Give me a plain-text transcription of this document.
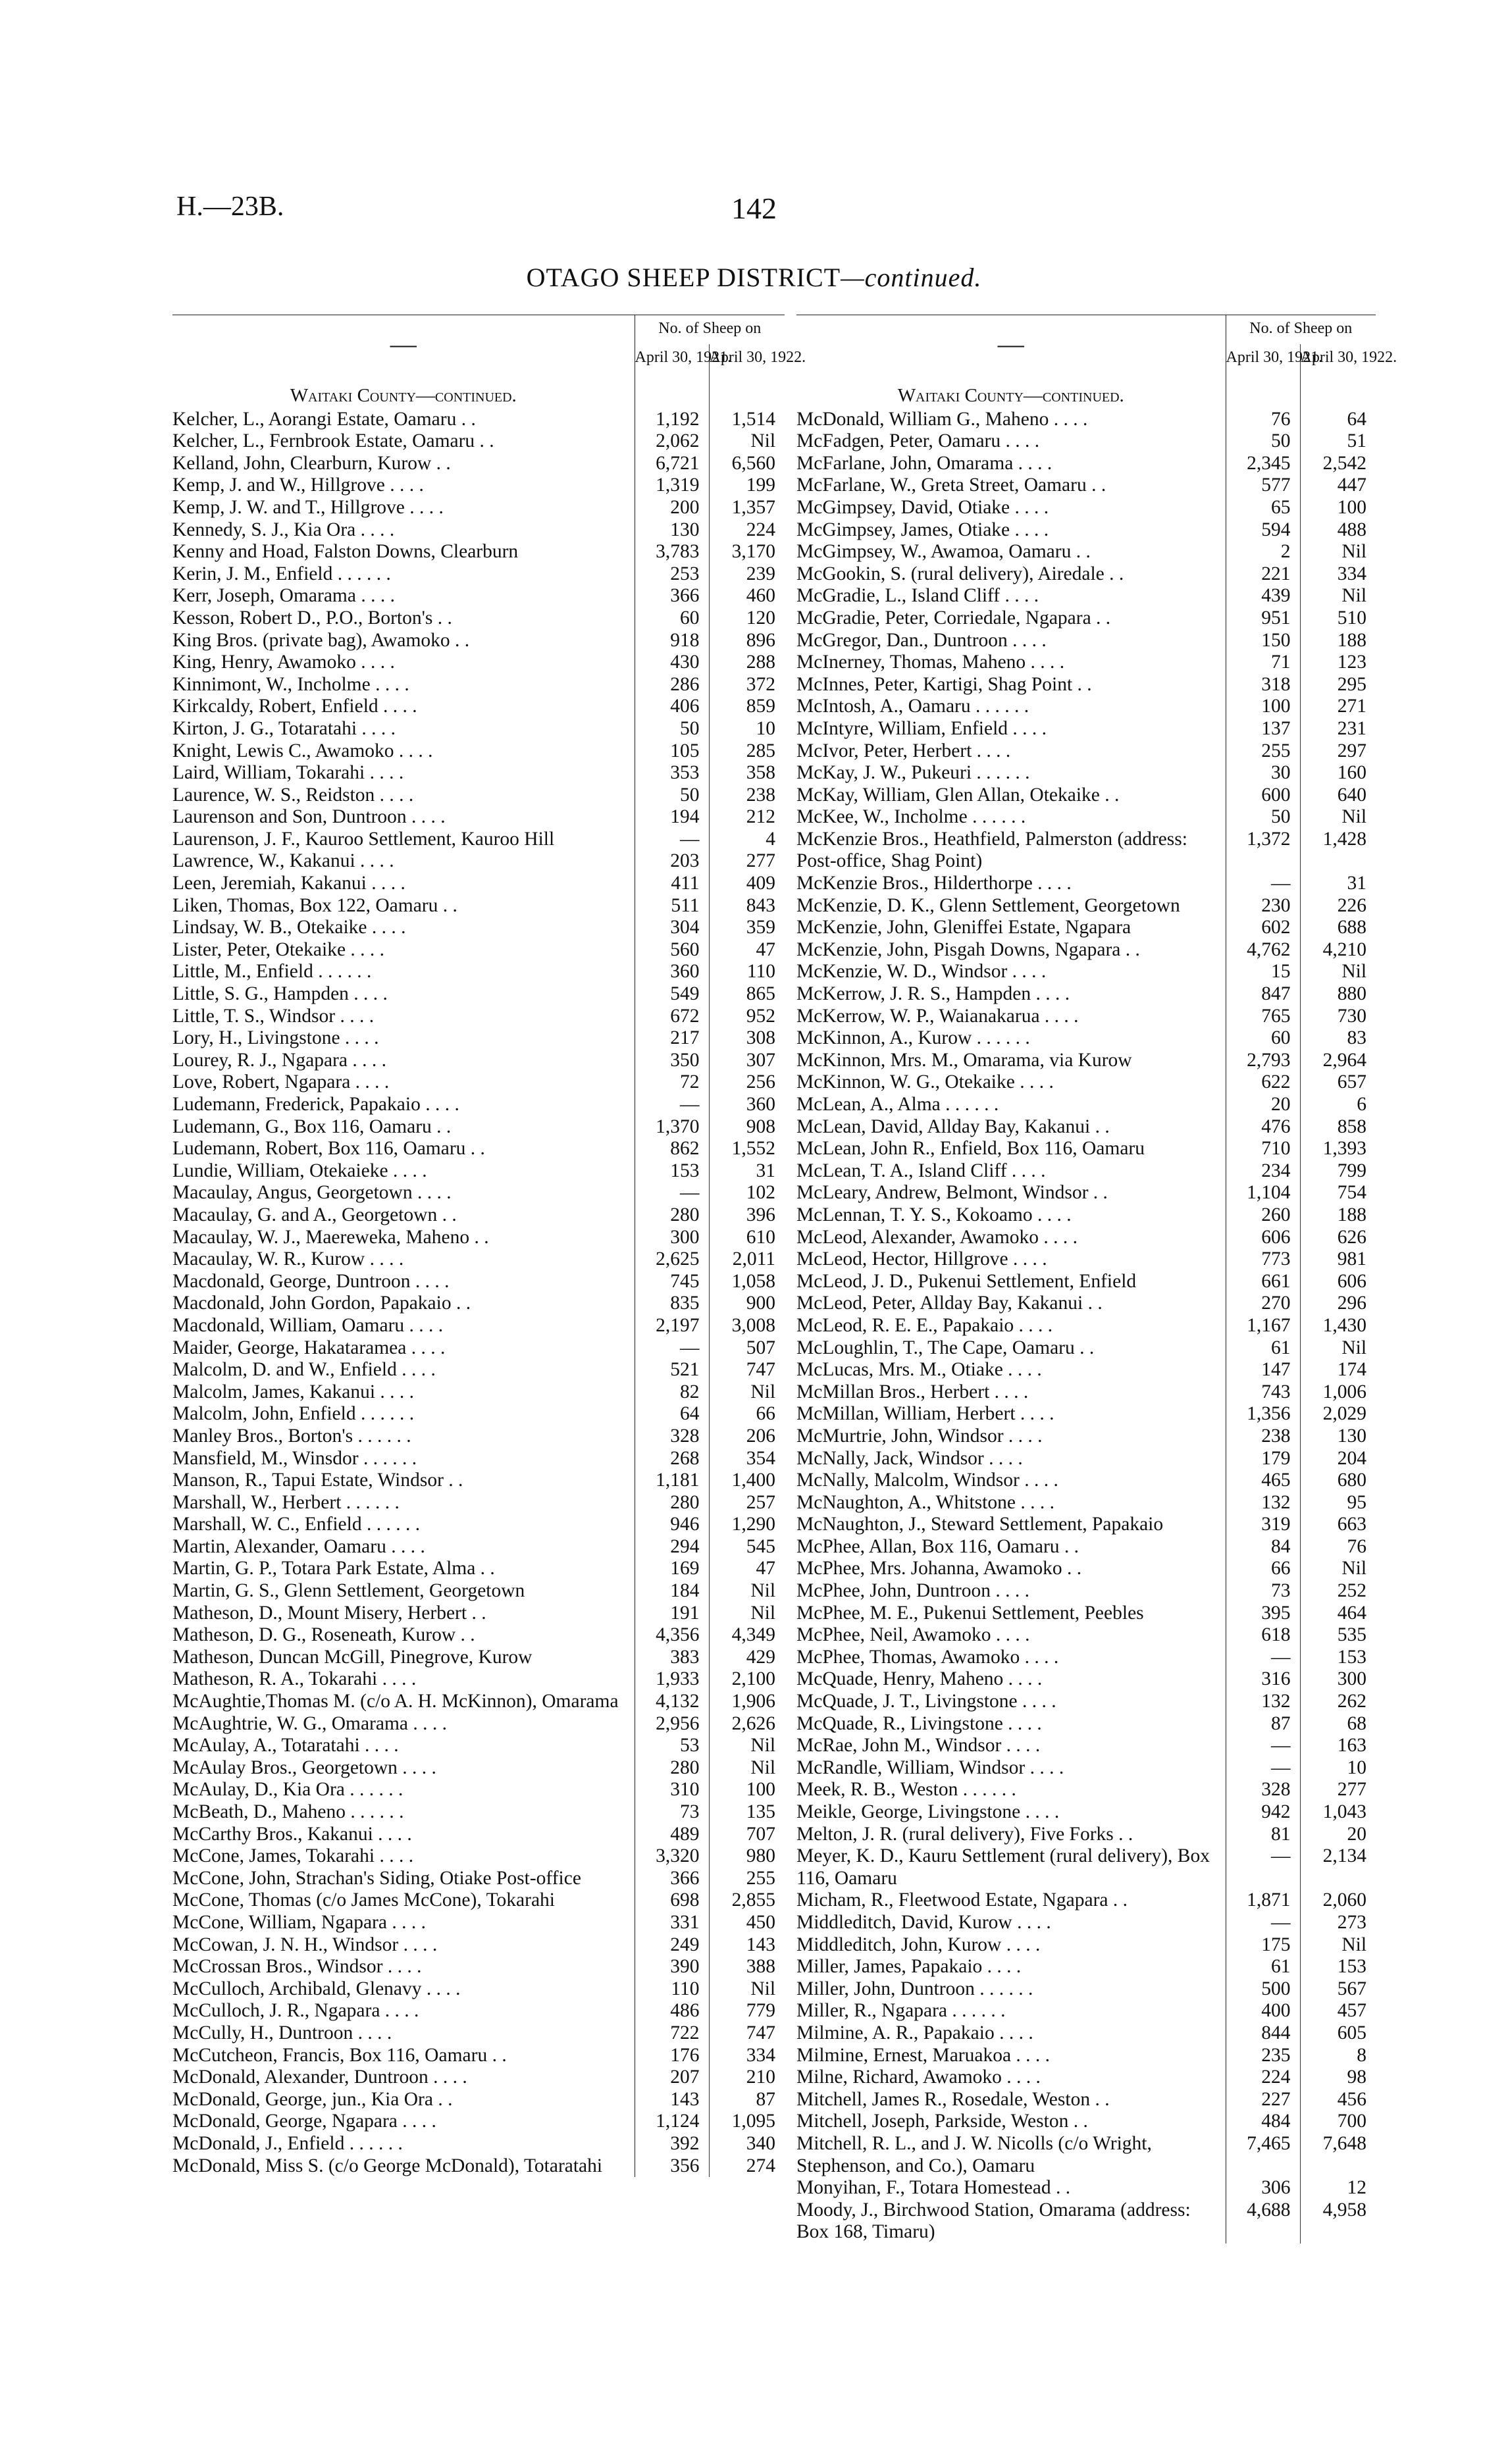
H.—23B.	142
OTAGO SHEEP DISTRICT—continued.
—	No. of Sheep on	
	April 30, 1921.	April 30, 1922.
Waitaki County—continued.		
Kelcher, L., Aorangi Estate, Oamaru . .	1,192	1,514
Kelcher, L., Fernbrook Estate, Oamaru . .	2,062	Nil
Kelland, John, Clearburn, Kurow . .	6,721	6,560
Kemp, J. and W., Hillgrove . . . .	1,319	199
Kemp, J. W. and T., Hillgrove . . . .	200	1,357
Kennedy, S. J., Kia Ora . . . .	130	224
Kenny and Hoad, Falston Downs, Clearburn	3,783	3,170
Kerin, J. M., Enfield . . . . . .	253	239
Kerr, Joseph, Omarama . . . .	366	460
Kesson, Robert D., P.O., Borton's . .	60	120
King Bros. (private bag), Awamoko . .	918	896
King, Henry, Awamoko . . . .	430	288
Kinnimont, W., Incholme . . . .	286	372
Kirkcaldy, Robert, Enfield . . . .	406	859
Kirton, J. G., Totaratahi . . . .	50	10
Knight, Lewis C., Awamoko . . . .	105	285
Laird, William, Tokarahi . . . .	353	358
Laurence, W. S., Reidston . . . .	50	238
Laurenson and Son, Duntroon . . . .	194	212
Laurenson, J. F., Kauroo Settlement, Kauroo Hill	—	4
Lawrence, W., Kakanui . . . .	203	277
Leen, Jeremiah, Kakanui . . . .	411	409
Liken, Thomas, Box 122, Oamaru . .	511	843
Lindsay, W. B., Otekaike . . . .	304	359
Lister, Peter, Otekaike . . . .	560	47
Little, M., Enfield . . . . . .	360	110
Little, S. G., Hampden . . . .	549	865
Little, T. S., Windsor . . . .	672	952
Lory, H., Livingstone . . . .	217	308
Lourey, R. J., Ngapara . . . .	350	307
Love, Robert, Ngapara . . . .	72	256
Ludemann, Frederick, Papakaio . . . .	—	360
Ludemann, G., Box 116, Oamaru . .	1,370	908
Ludemann, Robert, Box 116, Oamaru . .	862	1,552
Lundie, William, Otekaieke . . . .	153	31
Macaulay, Angus, Georgetown . . . .	—	102
Macaulay, G. and A., Georgetown . .	280	396
Macaulay, W. J., Maereweka, Maheno . .	300	610
Macaulay, W. R., Kurow . . . .	2,625	2,011
Macdonald, George, Duntroon . . . .	745	1,058
Macdonald, John Gordon, Papakaio . .	835	900
Macdonald, William, Oamaru . . . .	2,197	3,008
Maider, George, Hakataramea . . . .	—	507
Malcolm, D. and W., Enfield . . . .	521	747
Malcolm, James, Kakanui . . . .	82	Nil
Malcolm, John, Enfield . . . . . .	64	66
Manley Bros., Borton's . . . . . .	328	206
Mansfield, M., Winsdor . . . . . .	268	354
Manson, R., Tapui Estate, Windsor . .	1,181	1,400
Marshall, W., Herbert . . . . . .	280	257
Marshall, W. C., Enfield . . . . . .	946	1,290
Martin, Alexander, Oamaru . . . .	294	545
Martin, G. P., Totara Park Estate, Alma . .	169	47
Martin, G. S., Glenn Settlement, Georgetown	184	Nil
Matheson, D., Mount Misery, Herbert . .	191	Nil
Matheson, D. G., Roseneath, Kurow . .	4,356	4,349
Matheson, Duncan McGill, Pinegrove, Kurow	383	429
Matheson, R. A., Tokarahi . . . .	1,933	2,100
McAughtie,Thomas M. (c/o A. H. McKinnon), Omarama	4,132	1,906
McAughtrie, W. G., Omarama . . . .	2,956	2,626
McAulay, A., Totaratahi . . . .	53	Nil
McAulay Bros., Georgetown . . . .	280	Nil
McAulay, D., Kia Ora . . . . . .	310	100
McBeath, D., Maheno . . . . . .	73	135
McCarthy Bros., Kakanui . . . .	489	707
McCone, James, Tokarahi . . . .	3,320	980
McCone, John, Strachan's Siding, Otiake Post-office	366	255
McCone, Thomas (c/o James McCone), Tokarahi	698	2,855
McCone, William, Ngapara . . . .	331	450
McCowan, J. N. H., Windsor . . . .	249	143
McCrossan Bros., Windsor . . . .	390	388
McCulloch, Archibald, Glenavy . . . .	110	Nil
McCulloch, J. R., Ngapara . . . .	486	779
McCully, H., Duntroon . . . .	722	747
McCutcheon, Francis, Box 116, Oamaru . .	176	334
McDonald, Alexander, Duntroon . . . .	207	210
McDonald, George, jun., Kia Ora . .	143	87
McDonald, George, Ngapara . . . .	1,124	1,095
McDonald, J., Enfield . . . . . .	392	340
McDonald, Miss S. (c/o George McDonald), Totaratahi	356	274
—	No. of Sheep on	
	April 30, 1921.	April 30, 1922.
Waitaki County—continued.		
McDonald, William G., Maheno . . . .	76	64
McFadgen, Peter, Oamaru . . . .	50	51
McFarlane, John, Omarama . . . .	2,345	2,542
McFarlane, W., Greta Street, Oamaru . .	577	447
McGimpsey, David, Otiake . . . .	65	100
McGimpsey, James, Otiake . . . .	594	488
McGimpsey, W., Awamoa, Oamaru . .	2	Nil
McGookin, S. (rural delivery), Airedale . .	221	334
McGradie, L., Island Cliff . . . .	439	Nil
McGradie, Peter, Corriedale, Ngapara . .	951	510
McGregor, Dan., Duntroon . . . .	150	188
McInerney, Thomas, Maheno . . . .	71	123
McInnes, Peter, Kartigi, Shag Point . .	318	295
McIntosh, A., Oamaru . . . . . .	100	271
McIntyre, William, Enfield . . . .	137	231
McIvor, Peter, Herbert . . . .	255	297
McKay, J. W., Pukeuri . . . . . .	30	160
McKay, William, Glen Allan, Otekaike . .	600	640
McKee, W., Incholme . . . . . .	50	Nil
McKenzie Bros., Heathfield, Palmerston (address: Post-office, Shag Point)	1,372	1,428
McKenzie Bros., Hilderthorpe . . . .	—	31
McKenzie, D. K., Glenn Settlement, Georgetown	230	226
McKenzie, John, Gleniffei Estate, Ngapara	602	688
McKenzie, John, Pisgah Downs, Ngapara . .	4,762	4,210
McKenzie, W. D., Windsor . . . .	15	Nil
McKerrow, J. R. S., Hampden . . . .	847	880
McKerrow, W. P., Waianakarua . . . .	765	730
McKinnon, A., Kurow . . . . . .	60	83
McKinnon, Mrs. M., Omarama, via Kurow	2,793	2,964
McKinnon, W. G., Otekaike . . . .	622	657
McLean, A., Alma . . . . . .	20	6
McLean, David, Allday Bay, Kakanui . .	476	858
McLean, John R., Enfield, Box 116, Oamaru	710	1,393
McLean, T. A., Island Cliff . . . .	234	799
McLeary, Andrew, Belmont, Windsor . .	1,104	754
McLennan, T. Y. S., Kokoamo . . . .	260	188
McLeod, Alexander, Awamoko . . . .	606	626
McLeod, Hector, Hillgrove . . . .	773	981
McLeod, J. D., Pukenui Settlement, Enfield	661	606
McLeod, Peter, Allday Bay, Kakanui . .	270	296
McLeod, R. E. E., Papakaio . . . .	1,167	1,430
McLoughlin, T., The Cape, Oamaru . .	61	Nil
McLucas, Mrs. M., Otiake . . . .	147	174
McMillan Bros., Herbert . . . .	743	1,006
McMillan, William, Herbert . . . .	1,356	2,029
McMurtrie, John, Windsor . . . .	238	130
McNally, Jack, Windsor . . . .	179	204
McNally, Malcolm, Windsor . . . .	465	680
McNaughton, A., Whitstone . . . .	132	95
McNaughton, J., Steward Settlement, Papakaio	319	663
McPhee, Allan, Box 116, Oamaru . .	84	76
McPhee, Mrs. Johanna, Awamoko . .	66	Nil
McPhee, John, Duntroon . . . .	73	252
McPhee, M. E., Pukenui Settlement, Peebles	395	464
McPhee, Neil, Awamoko . . . .	618	535
McPhee, Thomas, Awamoko . . . .	—	153
McQuade, Henry, Maheno . . . .	316	300
McQuade, J. T., Livingstone . . . .	132	262
McQuade, R., Livingstone . . . .	87	68
McRae, John M., Windsor . . . .	—	163
McRandle, William, Windsor . . . .	—	10
Meek, R. B., Weston . . . . . .	328	277
Meikle, George, Livingstone . . . .	942	1,043
Melton, J. R. (rural delivery), Five Forks . .	81	20
Meyer, K. D., Kauru Settlement (rural delivery), Box 116, Oamaru	—	2,134
Micham, R., Fleetwood Estate, Ngapara . .	1,871	2,060
Middleditch, David, Kurow . . . .	—	273
Middleditch, John, Kurow . . . .	175	Nil
Miller, James, Papakaio . . . .	61	153
Miller, John, Duntroon . . . . . .	500	567
Miller, R., Ngapara . . . . . .	400	457
Milmine, A. R., Papakaio . . . .	844	605
Milmine, Ernest, Maruakoa . . . .	235	8
Milne, Richard, Awamoko . . . .	224	98
Mitchell, James R., Rosedale, Weston . .	227	456
Mitchell, Joseph, Parkside, Weston . .	484	700
Mitchell, R. L., and J. W. Nicolls (c/o Wright, Stephenson, and Co.), Oamaru	7,465	7,648
Monyihan, F., Totara Homestead . .	306	12
Moody, J., Birchwood Station, Omarama (address: Box 168, Timaru)	4,688	4,958
